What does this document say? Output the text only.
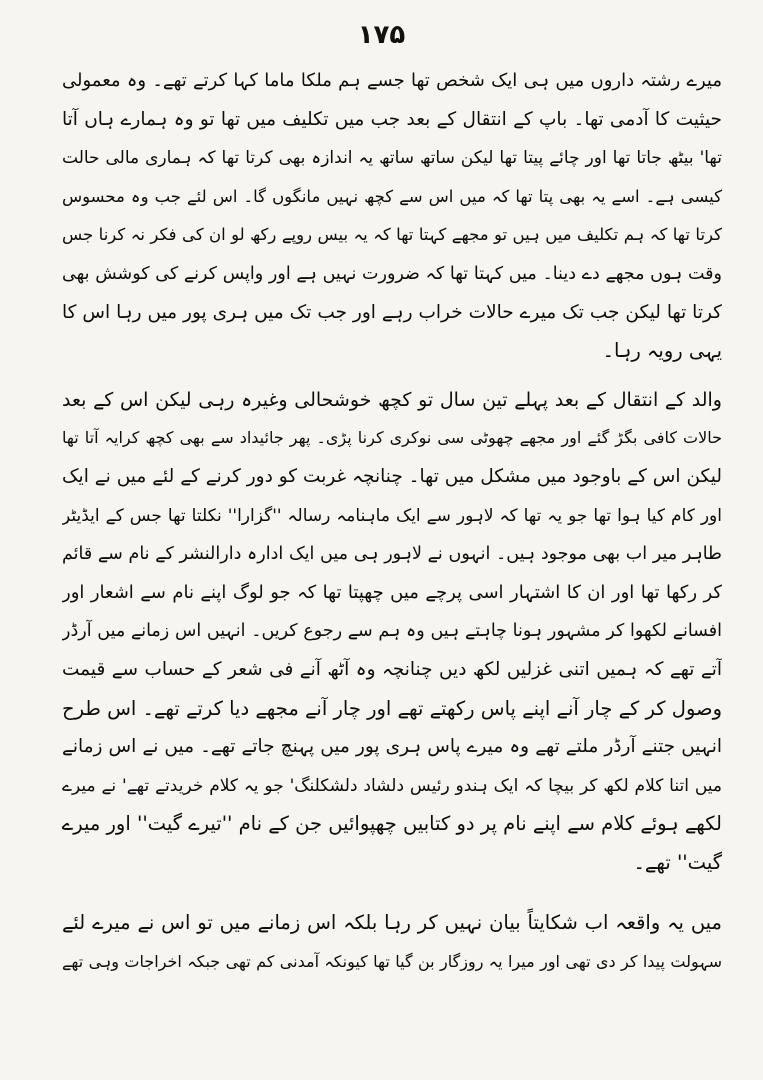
۱۷۵
میرے رشتہ داروں میں ہی ایک شخص تھا جسے ہم ملکا ماما کہا کرتے تھے۔ وہ معمولی
حیثیت کا آدمی تھا۔ باپ کے انتقال کے بعد جب میں تکلیف میں تھا تو وہ ہمارے ہاں آتا
تھا' بیٹھ جاتا تھا اور چائے پیتا تھا لیکن ساتھ ساتھ یہ اندازہ بھی کرتا تھا کہ ہماری مالی حالت
کیسی ہے۔ اسے یہ بھی پتا تھا کہ میں اس سے کچھ نہیں مانگوں گا۔ اس لئے جب وہ محسوس
کرتا تھا کہ ہم تکلیف میں ہیں تو مجھے کہتا تھا کہ یہ بیس روپے رکھ لو ان کی فکر نہ کرنا جس
وقت ہوں مجھے دے دینا۔ میں کہتا تھا کہ ضرورت نہیں ہے اور واپس کرنے کی کوشش بھی
کرتا تھا لیکن جب تک میرے حالات خراب رہے اور جب تک میں ہری پور میں رہا اس کا
یہی رویہ رہا۔
والد کے انتقال کے بعد پہلے تین سال تو کچھ خوشحالی وغیرہ رہی لیکن اس کے بعد
حالات کافی بگڑ گئے اور مجھے چھوٹی سی نوکری کرنا پڑی۔ پھر جائیداد سے بھی کچھ کرایہ آتا تھا
لیکن اس کے باوجود میں مشکل میں تھا۔ چنانچہ غربت کو دور کرنے کے لئے میں نے ایک
اور کام کیا ہوا تھا جو یہ تھا کہ لاہور سے ایک ماہنامہ رسالہ ''گزارا'' نکلتا تھا جس کے ایڈیٹر
طاہر میر اب بھی موجود ہیں۔ انہوں نے لاہور ہی میں ایک ادارہ دارالنشر کے نام سے قائم
کر رکھا تھا اور ان کا اشتہار اسی پرچے میں چھپتا تھا کہ جو لوگ اپنے نام سے اشعار اور
افسانے لکھوا کر مشہور ہونا چاہتے ہیں وہ ہم سے رجوع کریں۔ انہیں اس زمانے میں آرڈر
آتے تھے کہ ہمیں اتنی غزلیں لکھ دیں چنانچہ وہ آٹھ آنے فی شعر کے حساب سے قیمت
وصول کر کے چار آنے اپنے پاس رکھتے تھے اور چار آنے مجھے دیا کرتے تھے۔ اس طرح
انہیں جتنے آرڈر ملتے تھے وہ میرے پاس ہری پور میں پہنچ جاتے تھے۔ میں نے اس زمانے
میں اتنا کلام لکھ کر بیچا کہ ایک ہندو رئیس دلشاد دلشکلنگ' جو یہ کلام خریدتے تھے' نے میرے
لکھے ہوئے کلام سے اپنے نام پر دو کتابیں چھپوائیں جن کے نام ''تیرے گیت'' اور میرے
گیت'' تھے۔
میں یہ واقعہ اب شکایتاً بیان نہیں کر رہا بلکہ اس زمانے میں تو اس نے میرے لئے
سہولت پیدا کر دی تھی اور میرا یہ روزگار بن گیا تھا کیونکہ آمدنی کم تھی جبکہ اخراجات وہی تھے
